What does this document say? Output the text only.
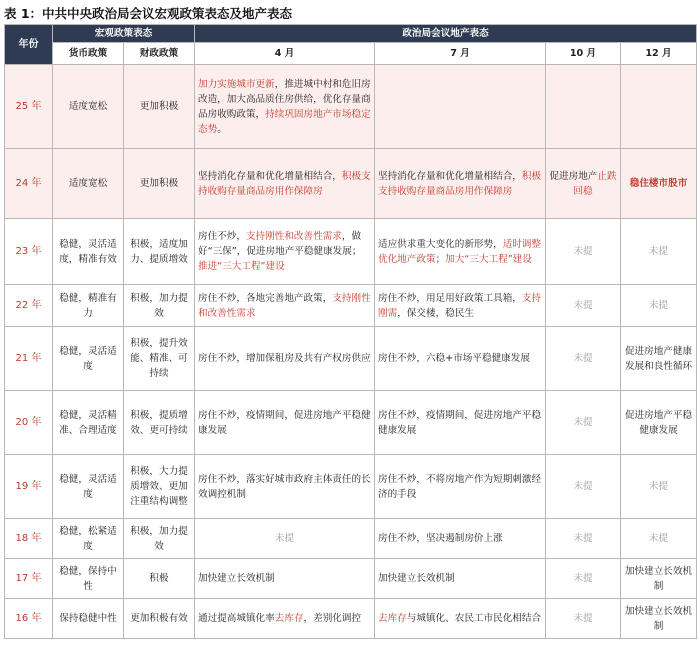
表 1：中共中央政治局会议宏观政策表态及地产表态
年份	宏观政策表态		政治局会议地产表态			
	货币政策	财政政策	4 月	7 月	10 月	12 月
25 年	适度宽松	更加积极	加力实施城市更新，推进城中村和危旧房改造，加大高品质住房供给，优化存量商品房收购政策，持续巩固房地产市场稳定态势。			
24 年	适度宽松	更加积极	坚持消化存量和优化增量相结合，积极支持收购存量商品房用作保障房	坚持消化存量和优化增量相结合，积极支持收购存量商品房用作保障房	促进房地产止跌回稳	稳住楼市股市
23 年	稳健，灵活适度，精准有效	积极，适度加力、提质增效	房住不炒，支持刚性和改善性需求，做好“三保”，促进房地产平稳健康发展；推进“三大工程”建设	适应供求重大变化的新形势，适时调整优化地产政策；加大“三大工程”建设	未提	未提
22 年	稳健，精准有力	积极，加力提效	房住不炒，各地完善地产政策，支持刚性和改善性需求	房住不炒，用足用好政策工具箱，支持刚需，保交楼，稳民生	未提	未提
21 年	稳健，灵活适度	积极，提升效能、精准、可持续	房住不炒，增加保租房及共有产权房供应	房住不炒，六稳+市场平稳健康发展	未提	促进房地产健康发展和良性循环
20 年	稳健，灵活精准、合理适度	积极，提质增效、更可持续	房住不炒，疫情期间，促进房地产平稳健康发展	房住不炒，疫情期间，促进房地产平稳健康发展	未提	促进房地产平稳健康发展
19 年	稳健，灵活适度	积极，大力提质增效、更加注重结构调整	房住不炒，落实好城市政府主体责任的长效调控机制	房住不炒，不将房地产作为短期刺激经济的手段	未提	未提
18 年	稳健，松紧适度	积极，加力提效	未提	房住不炒，坚决遏制房价上涨	未提	未提
17 年	稳健，保持中性	积极	加快建立长效机制	加快建立长效机制	未提	加快建立长效机制
16 年	保持稳健中性	更加积极有效	通过提高城镇化率去库存，差别化调控	去库存与城镇化、农民工市民化相结合	未提	加快建立长效机制
